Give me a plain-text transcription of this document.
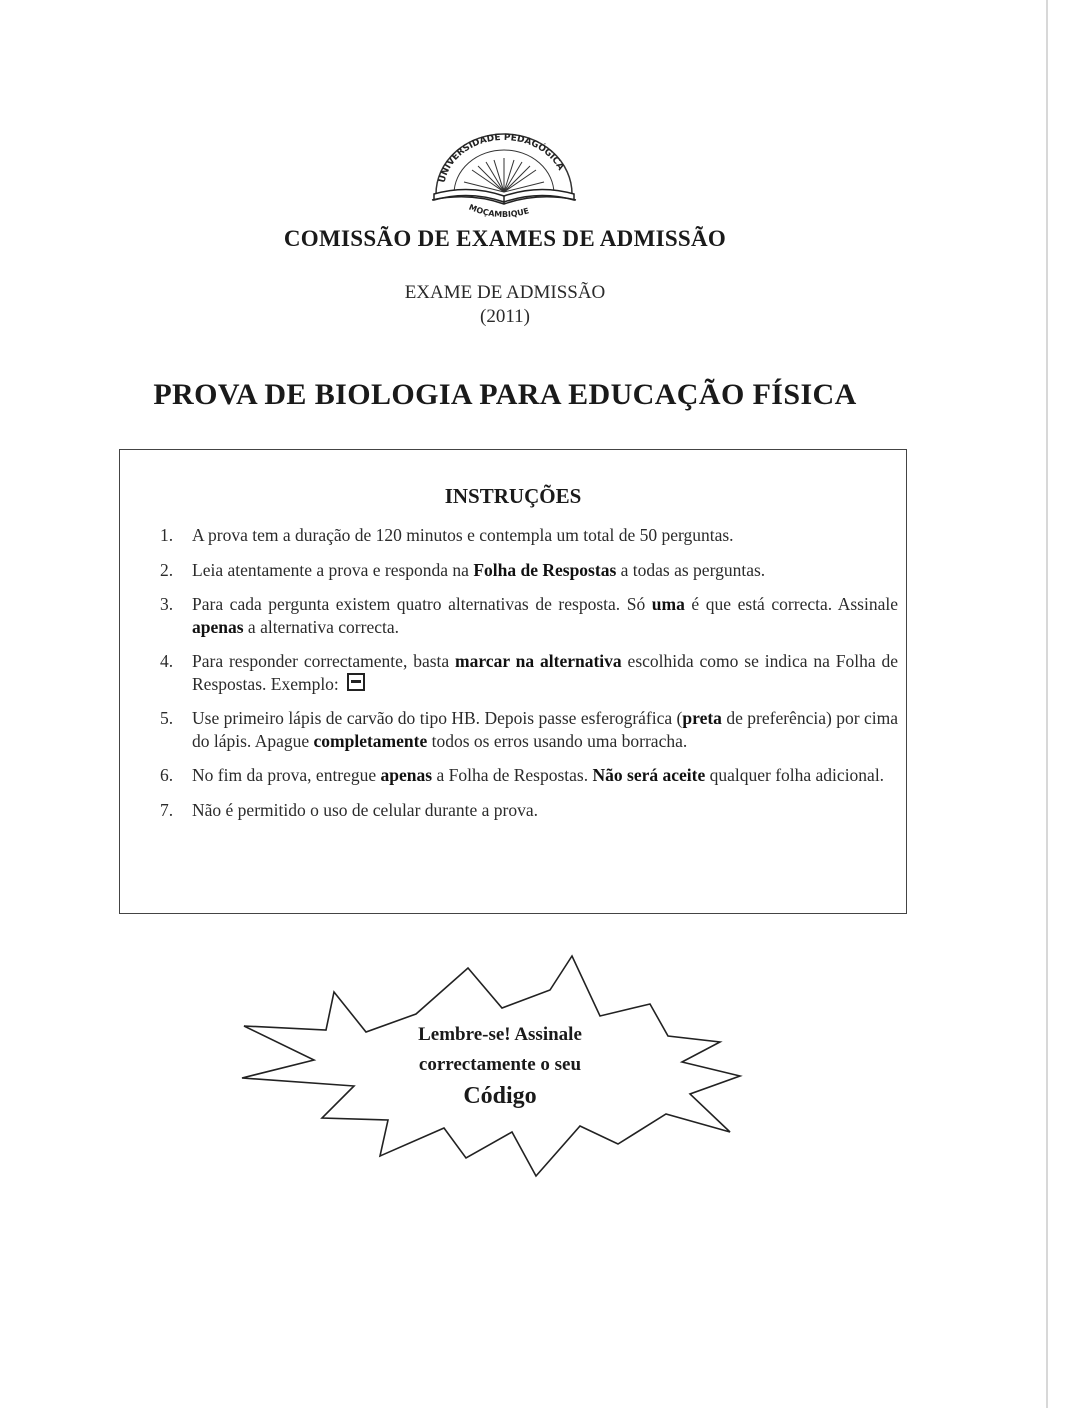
UNIVERSIDADE PEDAGÓGICA
MOÇAMBIQUE
COMISSÃO DE EXAMES DE ADMISSÃO
EXAME DE ADMISSÃO
(2011)
PROVA DE BIOLOGIA PARA EDUCAÇÃO FÍSICA
INSTRUÇÕES
1. A prova tem a duração de 120 minutos e contempla um total de 50 perguntas.
2. Leia atentamente a prova e responda na Folha de Respostas a todas as perguntas.
3. Para cada pergunta existem quatro alternativas de resposta. Só uma é que está correcta. Assinale apenas a alternativa correcta.
4. Para responder correctamente, basta marcar na alternativa escolhida como se indica na Folha de Respostas. Exemplo:
5. Use primeiro lápis de carvão do tipo HB. Depois passe esferográfica (preta de preferência) por cima do lápis. Apague completamente todos os erros usando uma borracha.
6. No fim da prova, entregue apenas a Folha de Respostas. Não será aceite qualquer folha adicional.
7. Não é permitido o uso de celular durante a prova.
Lembre-se! Assinale
correctamente o seu
Código
